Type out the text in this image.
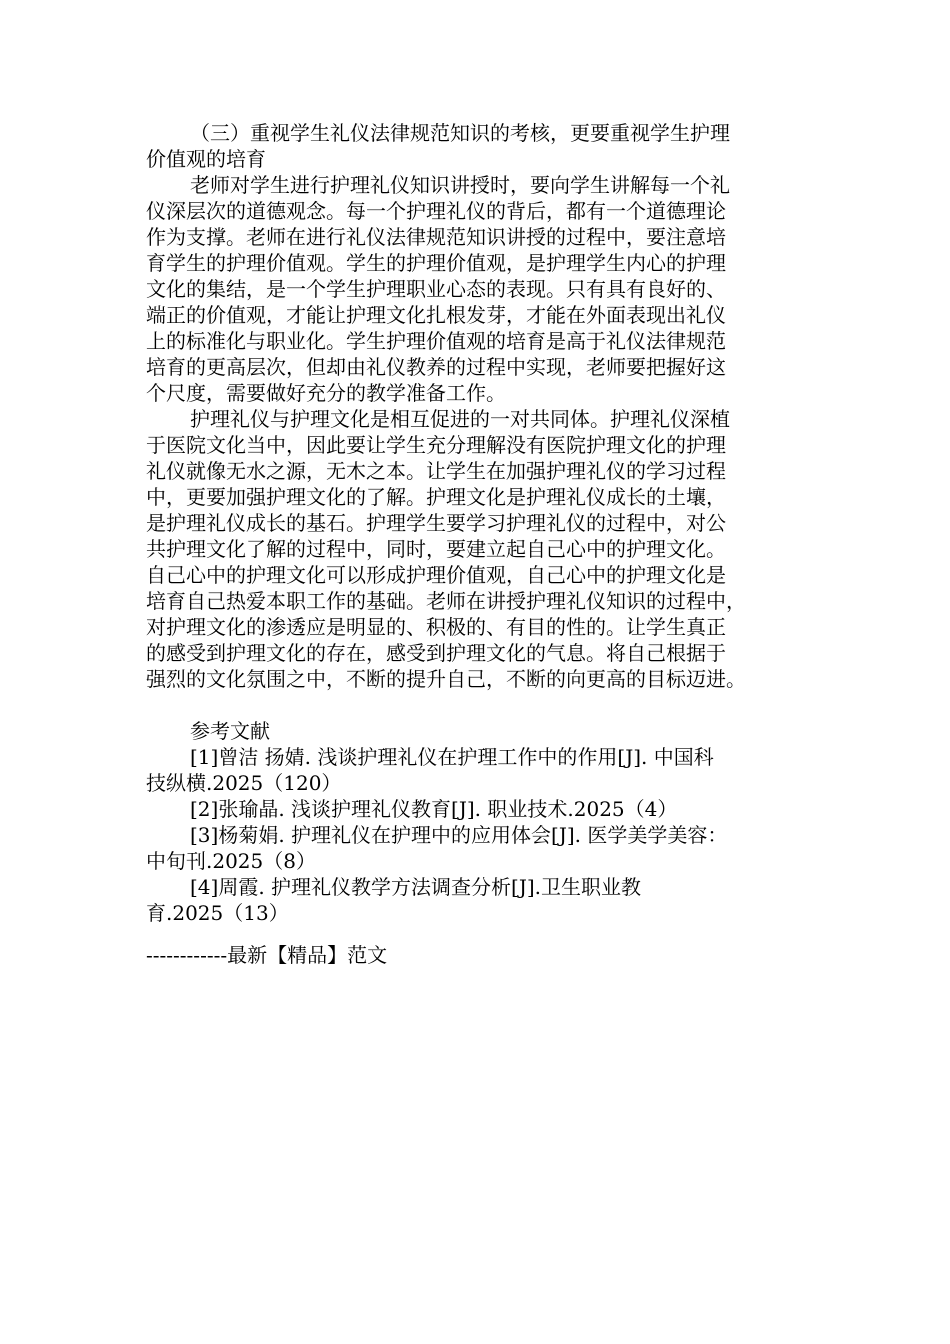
（三）重视学生礼仪法律规范知识的考核，更要重视学生护理
价值观的培育
老师对学生进行护理礼仪知识讲授时，要向学生讲解每一个礼
仪深层次的道德观念。每一个护理礼仪的背后，都有一个道德理论
作为支撑。老师在进行礼仪法律规范知识讲授的过程中，要注意培
育学生的护理价值观。学生的护理价值观，是护理学生内心的护理
文化的集结，是一个学生护理职业心态的表现。只有具有良好的、
端正的价值观，才能让护理文化扎根发芽，才能在外面表现出礼仪
上的标准化与职业化。学生护理价值观的培育是高于礼仪法律规范
培育的更高层次，但却由礼仪教养的过程中实现，老师要把握好这
个尺度，需要做好充分的教学准备工作。
护理礼仪与护理文化是相互促进的一对共同体。护理礼仪深植
于医院文化当中，因此要让学生充分理解没有医院护理文化的护理
礼仪就像无水之源，无木之本。让学生在加强护理礼仪的学习过程
中，更要加强护理文化的了解。护理文化是护理礼仪成长的土壤，
是护理礼仪成长的基石。护理学生要学习护理礼仪的过程中，对公
共护理文化了解的过程中，同时，要建立起自己心中的护理文化。
自己心中的护理文化可以形成护理价值观，自己心中的护理文化是
培育自己热爱本职工作的基础。老师在讲授护理礼仪知识的过程中，
对护理文化的渗透应是明显的、积极的、有目的性的。让学生真正
的感受到护理文化的存在，感受到护理文化的气息。将自己根据于
强烈的文化氛围之中，不断的提升自己，不断的向更高的目标迈进。
参考文献
[1]曾洁 扬婧. 浅谈护理礼仪在护理工作中的作用[J]. 中国科
技纵横.2025（120）
[2]张瑜晶. 浅谈护理礼仪教育[J]. 职业技术.2025（4）
[3]杨菊娟. 护理礼仪在护理中的应用体会[J]. 医学美学美容：
中旬刊.2025（8）
[4]周霞. 护理礼仪教学方法调查分析[J].卫生职业教
育.2025（13）
------------最新【精品】范文
